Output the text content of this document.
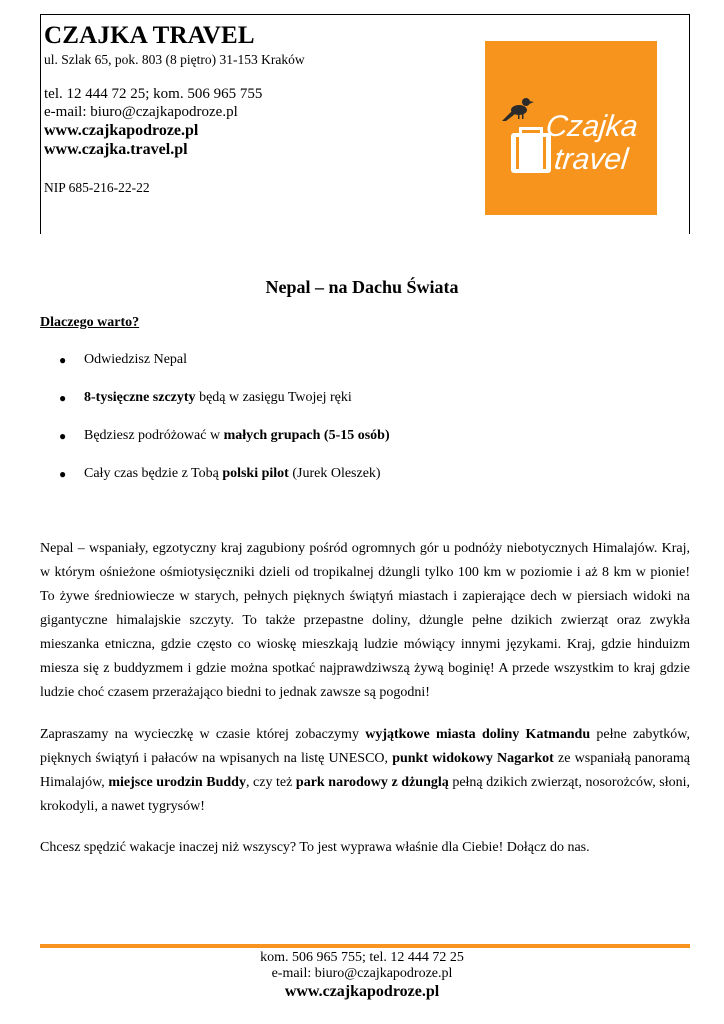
CZAJKA TRAVEL
ul. Szlak 65, pok. 803 (8 piętro) 31-153 Kraków
tel. 12 444 72 25; kom. 506 965 755
e-mail: biuro@czajkapodroze.pl
www.czajkapodroze.pl
www.czajka.travel.pl
NIP 685-216-22-22
Czajka
travel
Nepal – na Dachu Świata
Dlaczego warto?
● Odwiedzisz Nepal
● 8-tysięczne szczyty będą w zasięgu Twojej ręki
● Będziesz podróżować w małych grupach (5-15 osób)
● Cały czas będzie z Tobą polski pilot (Jurek Oleszek)

Nepal – wspaniały, egzotyczny kraj zagubiony pośród ogromnych gór u podnóży niebotycznych Himalajów. Kraj, w którym ośnieżone ośmiotysięczniki dzieli od tropikalnej dżungli tylko 100 km w poziomie i aż 8 km w pionie! To żywe średniowiecze w starych, pełnych pięknych świątyń miastach i zapierające dech w piersiach widoki na gigantyczne himalajskie szczyty. To także przepastne doliny, dżungle pełne dzikich zwierząt oraz zwykła mieszanka etniczna, gdzie często co wioskę mieszkają ludzie mówiący innymi językami. Kraj, gdzie hinduizm miesza się z buddyzmem i gdzie można spotkać najprawdziwszą żywą boginię! A przede wszystkim to kraj gdzie ludzie choć czasem przerażająco biedni to jednak zawsze są pogodni!

Zapraszamy na wycieczkę w czasie której zobaczymy wyjątkowe miasta doliny Katmandu pełne zabytków, pięknych świątyń i pałaców na wpisanych na listę UNESCO, punkt widokowy Nagarkot ze wspaniałą panoramą Himalajów, miejsce urodzin Buddy, czy też park narodowy z dżunglą pełną dzikich zwierząt, nosorożców, słoni, krokodyli, a nawet tygrysów!

Chcesz spędzić wakacje inaczej niż wszyscy? To jest wyprawa właśnie dla Ciebie! Dołącz do nas.

kom. 506 965 755; tel. 12 444 72 25
e-mail: biuro@czajkapodroze.pl
www.czajkapodroze.pl
